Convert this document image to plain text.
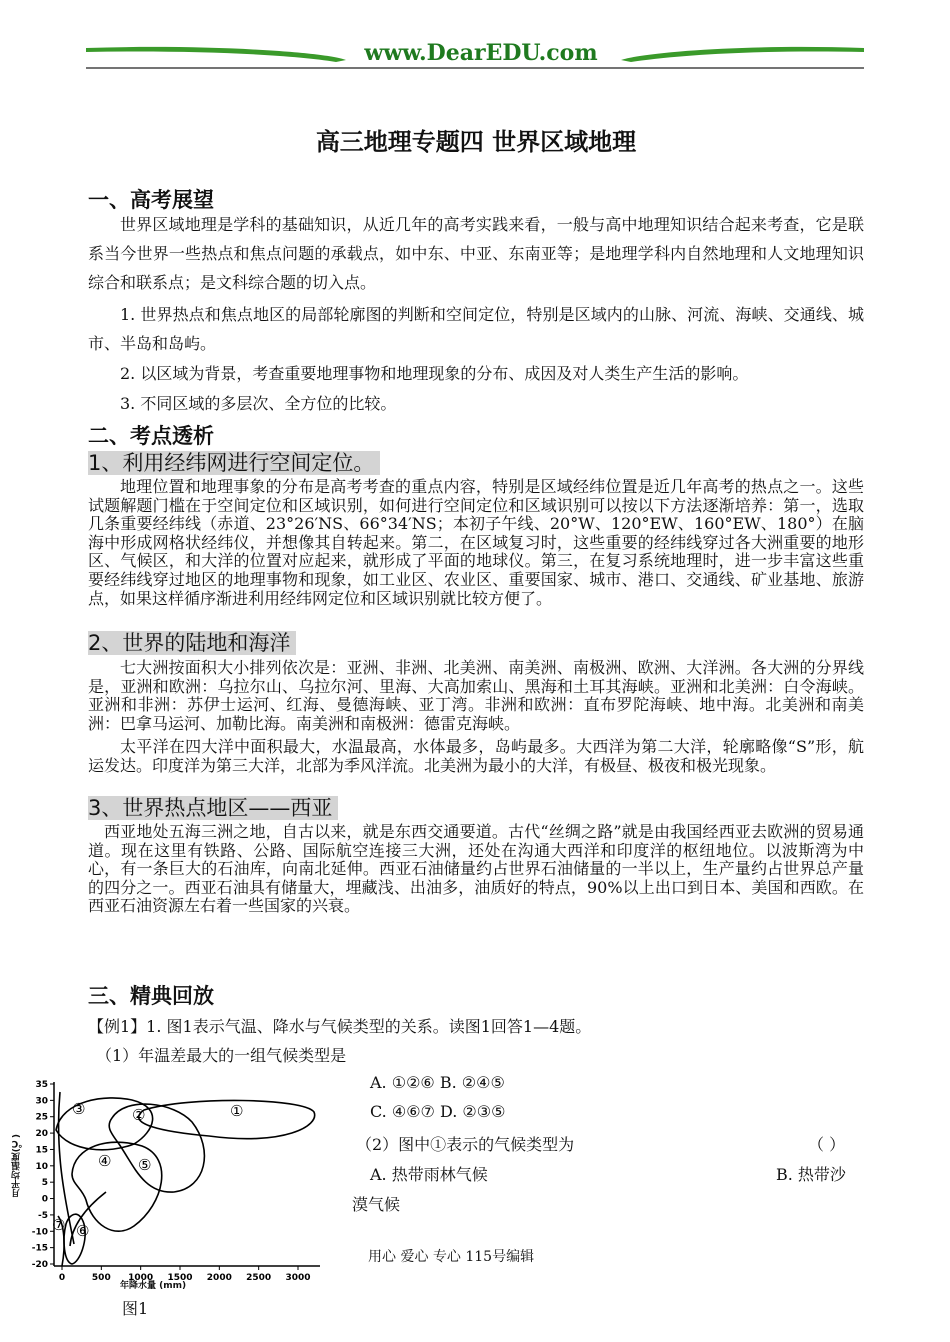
www.DearEDU.com
高三地理专题四 世界区域地理
一、高考展望
世界区域地理是学科的基础知识，从近几年的高考实践来看，一般与高中地理知识结合起来考查，它是联系当今世界一些热点和焦点问题的承载点，如中东、中亚、东南亚等；是地理学科内自然地理和人文地理知识综合和联系点；是文科综合题的切入点。
1. 世界热点和焦点地区的局部轮廓图的判断和空间定位，特别是区域内的山脉、河流、海峡、交通线、城市、半岛和岛屿。
2. 以区域为背景，考查重要地理事物和地理现象的分布、成因及对人类生产生活的影响。
3. 不同区域的多层次、全方位的比较。
二、考点透析
1、利用经纬网进行空间定位。
地理位置和地理事象的分布是高考考查的重点内容，特别是区域经纬位置是近几年高考的热点之一。这些试题解题门槛在于空间定位和区域识别，如何进行空间定位和区域识别可以按以下方法逐渐培养：第一，选取几条重要经纬线（赤道、23°26′NS、66°34′NS；本初子午线、20°W、120°EW、160°EW、180°）在脑海中形成网格状经纬仪，并想像其自转起来。第二，在区域复习时，这些重要的经纬线穿过各大洲重要的地形区、气候区，和大洋的位置对应起来，就形成了平面的地球仪。第三，在复习系统地理时，进一步丰富这些重要经纬线穿过地区的地理事物和现象，如工业区、农业区、重要国家、城市、港口、交通线、矿业基地、旅游点，如果这样循序渐进利用经纬网定位和区域识别就比较方便了。
2、世界的陆地和海洋
七大洲按面积大小排列依次是：亚洲、非洲、北美洲、南美洲、南极洲、欧洲、大洋洲。各大洲的分界线是，亚洲和欧洲：乌拉尔山、乌拉尔河、里海、大高加索山、黑海和土耳其海峡。亚洲和北美洲：白令海峡。亚洲和非洲：苏伊士运河、红海、曼德海峡、亚丁湾。非洲和欧洲：直布罗陀海峡、地中海。北美洲和南美洲：巴拿马运河、加勒比海。南美洲和南极洲：德雷克海峡。
太平洋在四大洋中面积最大，水温最高，水体最多，岛屿最多。大西洋为第二大洋，轮廓略像“S”形，航运发达。印度洋为第三大洋，北部为季风洋流。北美洲为最小的大洋，有极昼、极夜和极光现象。
3、世界热点地区——西亚
西亚地处五海三洲之地，自古以来，就是东西交通要道。古代“丝绸之路”就是由我国经西亚去欧洲的贸易通道。现在这里有铁路、公路、国际航空连接三大洲，还处在沟通大西洋和印度洋的枢纽地位。以波斯湾为中心，有一条巨大的石油库，向南北延伸。西亚石油储量约占世界石油储量的一半以上，生产量约占世界总产量的四分之一。西亚石油具有储量大，埋藏浅、出油多，油质好的特点，90%以上出口到日本、美国和西欧。在西亚石油资源左右着一些国家的兴衰。
三、精典回放
【例1】1. 图1表示气温、降水与气候类型的关系。读图1回答1—4题。
（1）年温差最大的一组气候类型是
A. ①②⑥ B. ②④⑤
C. ④⑥⑦ D. ②③⑤
（2）图中①表示的气候类型为	（ ）
A. 热带雨林气候	B. 热带沙
漠气候
35
30
25
20
15
10
5
0
-5
-10
-15
-20
0	500 1000 1500 2000 2500 3000
①
②
③
④ ⑤
⑥
⑦
月平均温度(℃)
年降水量 (mm)
图1
用心 爱心 专心 115号编辑
